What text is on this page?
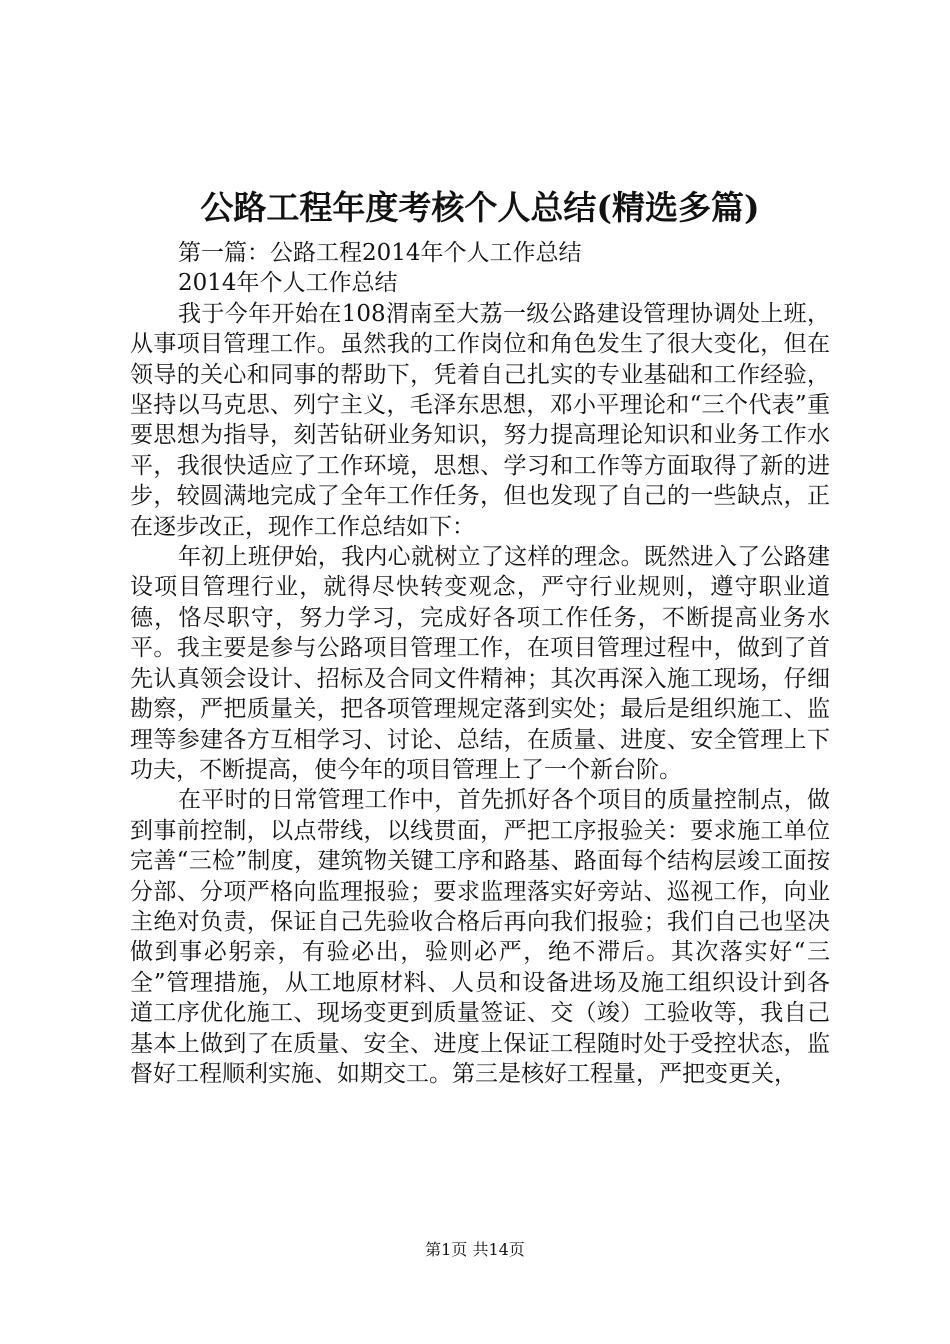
公路工程年度考核个人总结(精选多篇)
第一篇：公路工程2014年个人工作总结
2014年个人工作总结

我于今年开始在108渭南至大荔一级公路建设管理协调处上班，从事项目管理工作。虽然我的工作岗位和角色发生了很大变化，但在领导的关心和同事的帮助下，凭着自己扎实的专业基础和工作经验，坚持以马克思、列宁主义，毛泽东思想，邓小平理论和“三个代表”重要思想为指导，刻苦钻研业务知识，努力提高理论知识和业务工作水平，我很快适应了工作环境，思想、学习和工作等方面取得了新的进步，较圆满地完成了全年工作任务，但也发现了自己的一些缺点，正在逐步改正，现作工作总结如下：

年初上班伊始，我内心就树立了这样的理念。既然进入了公路建设项目管理行业，就得尽快转变观念，严守行业规则，遵守职业道德，恪尽职守，努力学习，完成好各项工作任务，不断提高业务水平。我主要是参与公路项目管理工作，在项目管理过程中，做到了首先认真领会设计、招标及合同文件精神；其次再深入施工现场，仔细勘察，严把质量关，把各项管理规定落到实处；最后是组织施工、监理等参建各方互相学习、讨论、总结，在质量、进度、安全管理上下功夫，不断提高，使今年的项目管理上了一个新台阶。

在平时的日常管理工作中，首先抓好各个项目的质量控制点，做到事前控制，以点带线，以线贯面，严把工序报验关：要求施工单位完善“三检”制度，建筑物关键工序和路基、路面每个结构层竣工面按分部、分项严格向监理报验；要求监理落实好旁站、巡视工作，向业主绝对负责，保证自己先验收合格后再向我们报验；我们自己也坚决做到事必躬亲，有验必出，验则必严，绝不滞后。其次落实好“三全”管理措施，从工地原材料、人员和设备进场及施工组织设计到各道工序优化施工、现场变更到质量签证、交（竣）工验收等，我自己基本上做到了在质量、安全、进度上保证工程随时处于受控状态，监督好工程顺利实施、如期交工。第三是核好工程量，严把变更关，

第1页 共14页
